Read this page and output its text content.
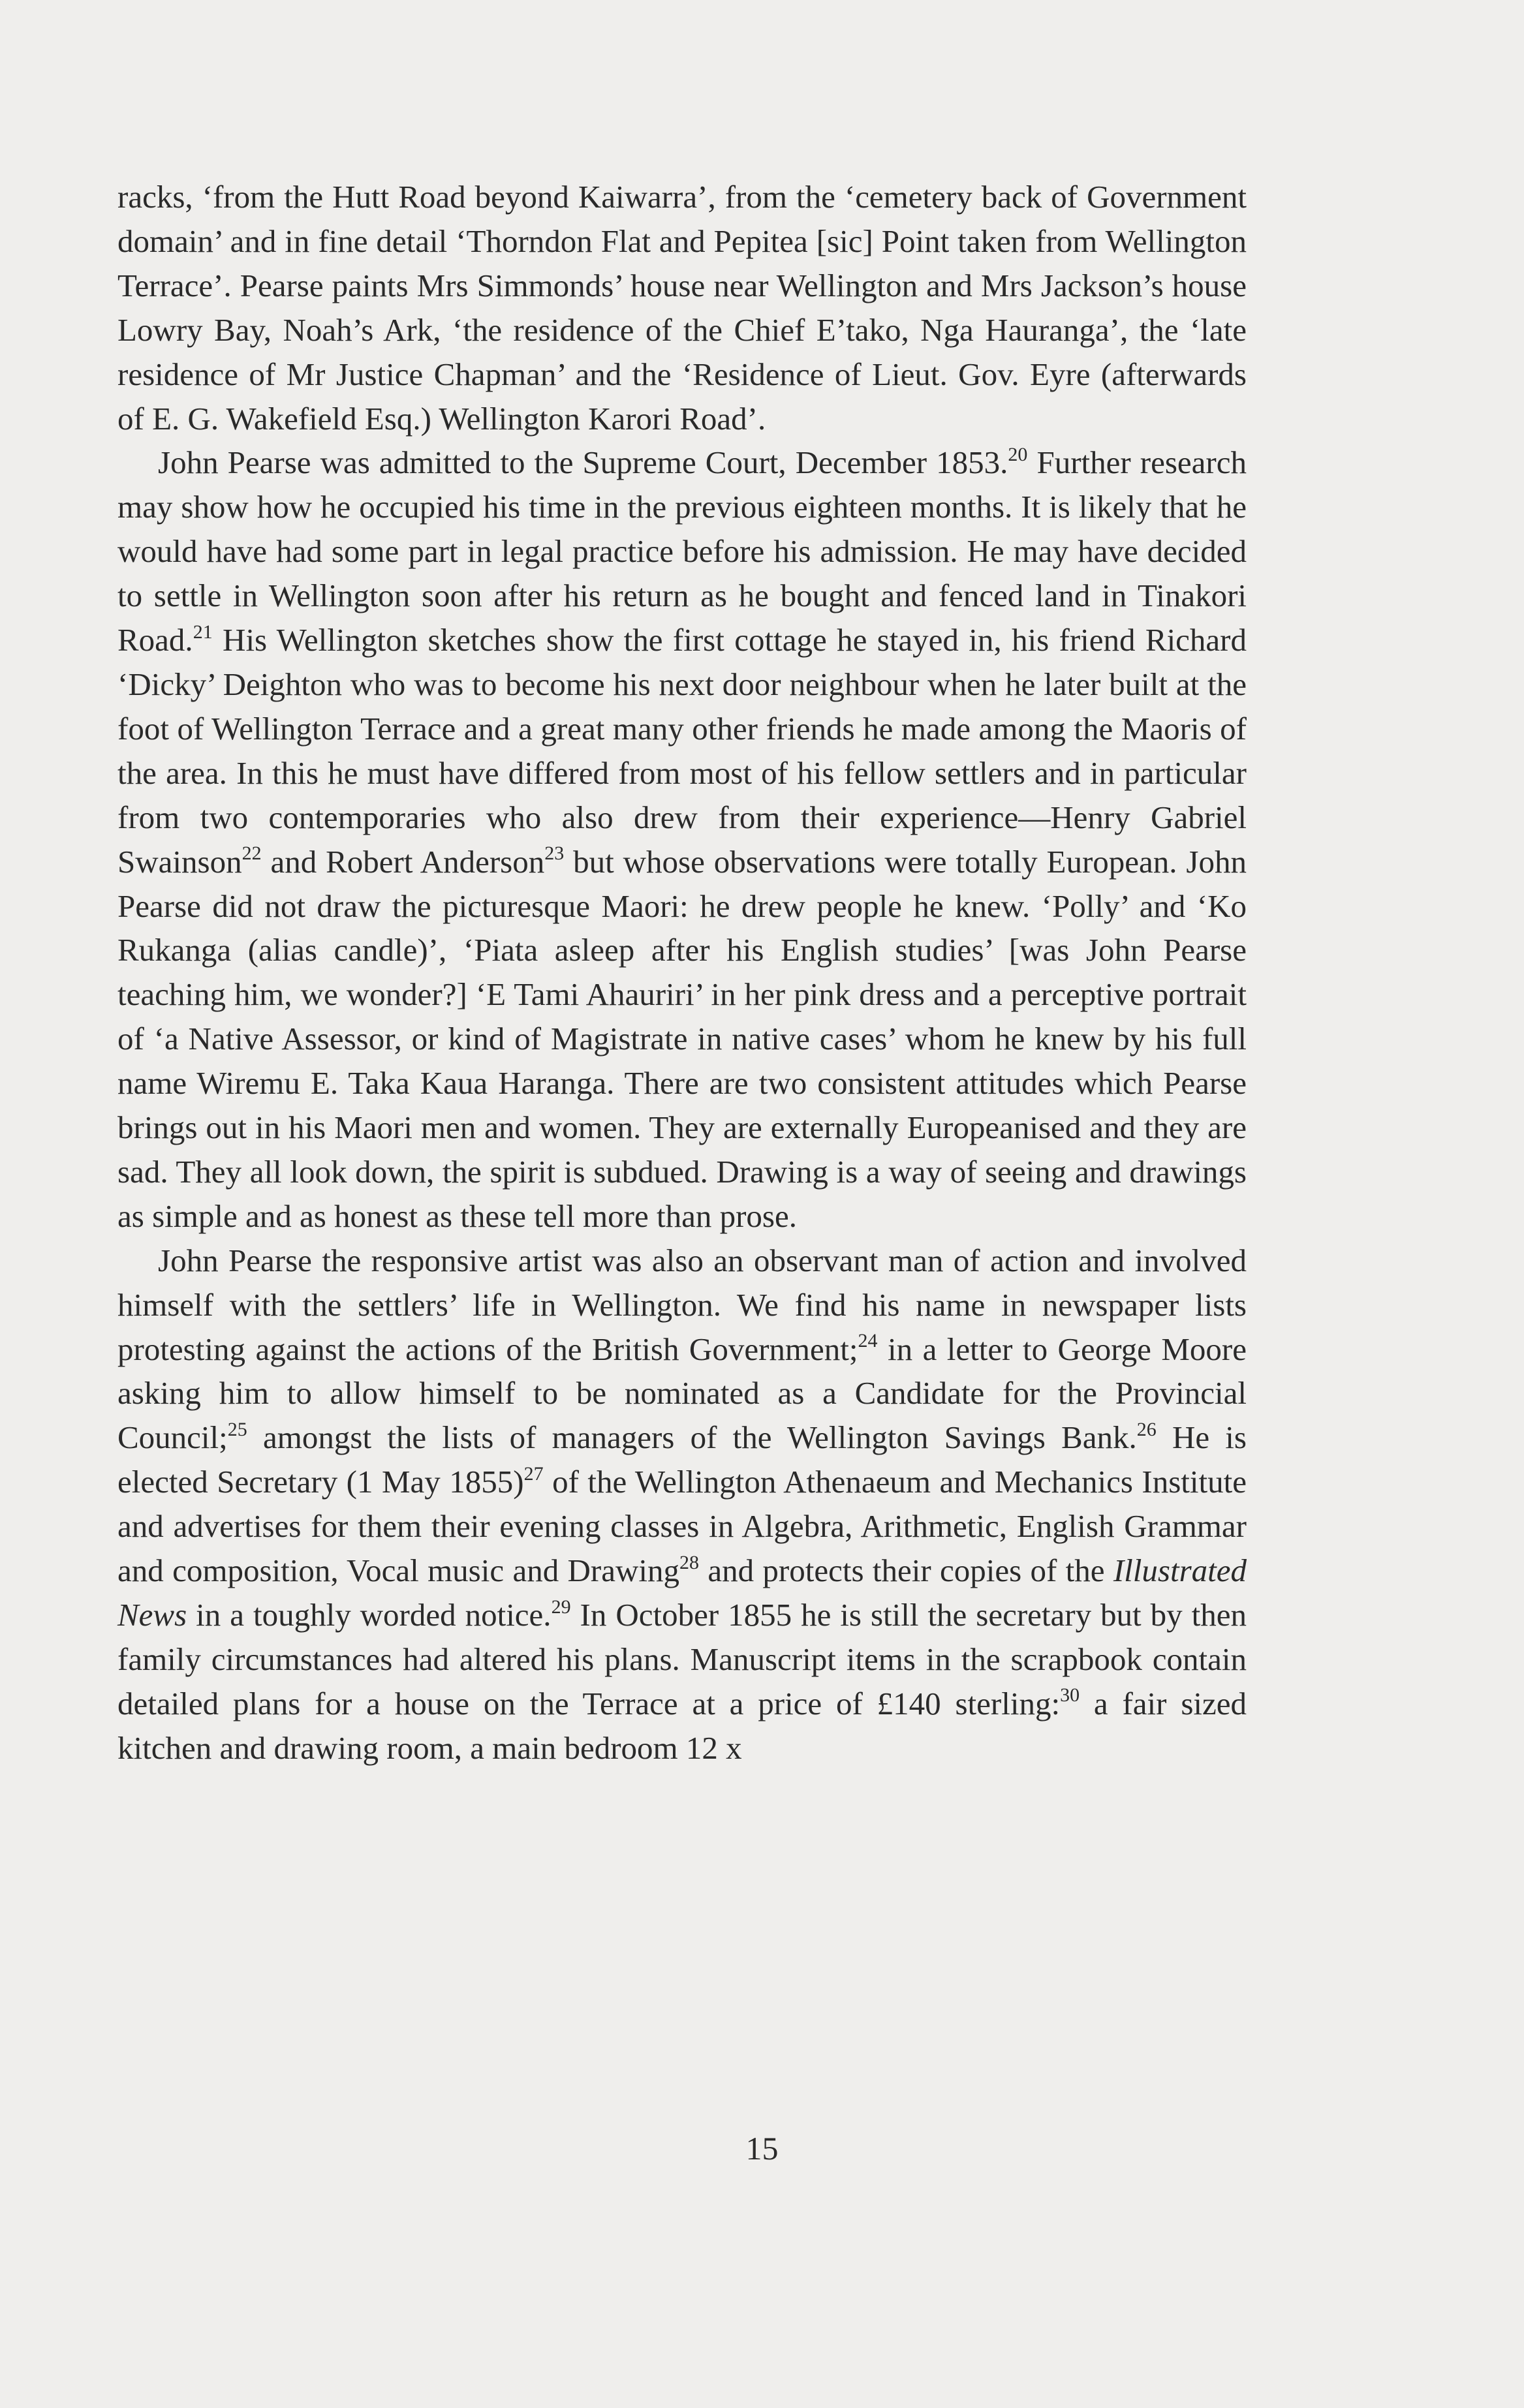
racks, ‘from the Hutt Road beyond Kaiwarra’, from the ‘cemetery back of Government domain’ and in fine detail ‘Thorndon Flat and Pepitea [sic] Point taken from Wellington Terrace’. Pearse paints Mrs Simmonds’ house near Wellington and Mrs Jackson’s house Lowry Bay, Noah’s Ark, ‘the residence of the Chief E’tako, Nga Hauranga’, the ‘late residence of Mr Justice Chapman’ and the ‘Residence of Lieut. Gov. Eyre (afterwards of E. G. Wakefield Esq.) Wellington Karori Road’.

John Pearse was admitted to the Supreme Court, December 1853.20 Further research may show how he occupied his time in the previous eighteen months. It is likely that he would have had some part in legal practice before his admission. He may have decided to settle in Wellington soon after his return as he bought and fenced land in Tinakori Road.$^{21}$ His Wellington sketches show the first cottage he stayed in, his friend Richard ‘Dicky’ Deighton who was to become his next door neighbour when he later built at the foot of Wellington Terrace and a great many other friends he made among the Maoris of the area. In this he must have differed from most of his fellow settlers and in particular from two contemporaries who also drew from their experience—Henry Gabriel Swainson$^{22}$ and Robert Anderson$^{23}$ but whose observations were totally European. John Pearse did not draw the picturesque Maori: he drew people he knew. ‘Polly’ and ‘Ko Rukanga (alias candle)’, ‘Piata asleep after his English studies’ [was John Pearse teaching him, we wonder?] ‘E Tami Ahauriri’ in her pink dress and a perceptive portrait of ‘a Native Assessor, or kind of Magistrate in native cases’ whom he knew by his full name Wiremu E. Taka Kaua Haranga. There are two consistent attitudes which Pearse brings out in his Maori men and women. They are externally Europeanised and they are sad. They all look down, the spirit is subdued. Drawing is a way of seeing and drawings as simple and as honest as these tell more than prose.

John Pearse the responsive artist was also an observant man of action and involved himself with the settlers’ life in Wellington. We find his name in newspaper lists protesting against the actions of the British Government;$^{24}$ in a letter to George Moore asking him to allow himself to be nominated as a Candidate for the Provincial Council;$^{25}$ amongst the lists of managers of the Wellington Savings Bank.$^{26}$ He is elected Secretary (1 May 1855)$^{27}$ of the Wellington Athenaeum and Mechanics Institute and advertises for them their evening classes in Algebra, Arithmetic, English Grammar and composition, Vocal music and Drawing$^{28}$ and protects their copies of the Illustrated News in a toughly worded notice.$^{29}$ In October 1855 he is still the secretary but by then family circumstances had altered his plans. Manuscript items in the scrapbook contain detailed plans for a house on the Terrace at a price of £140 sterling:$^{30}$ a fair sized kitchen and drawing room, a main bedroom 12 x

15
